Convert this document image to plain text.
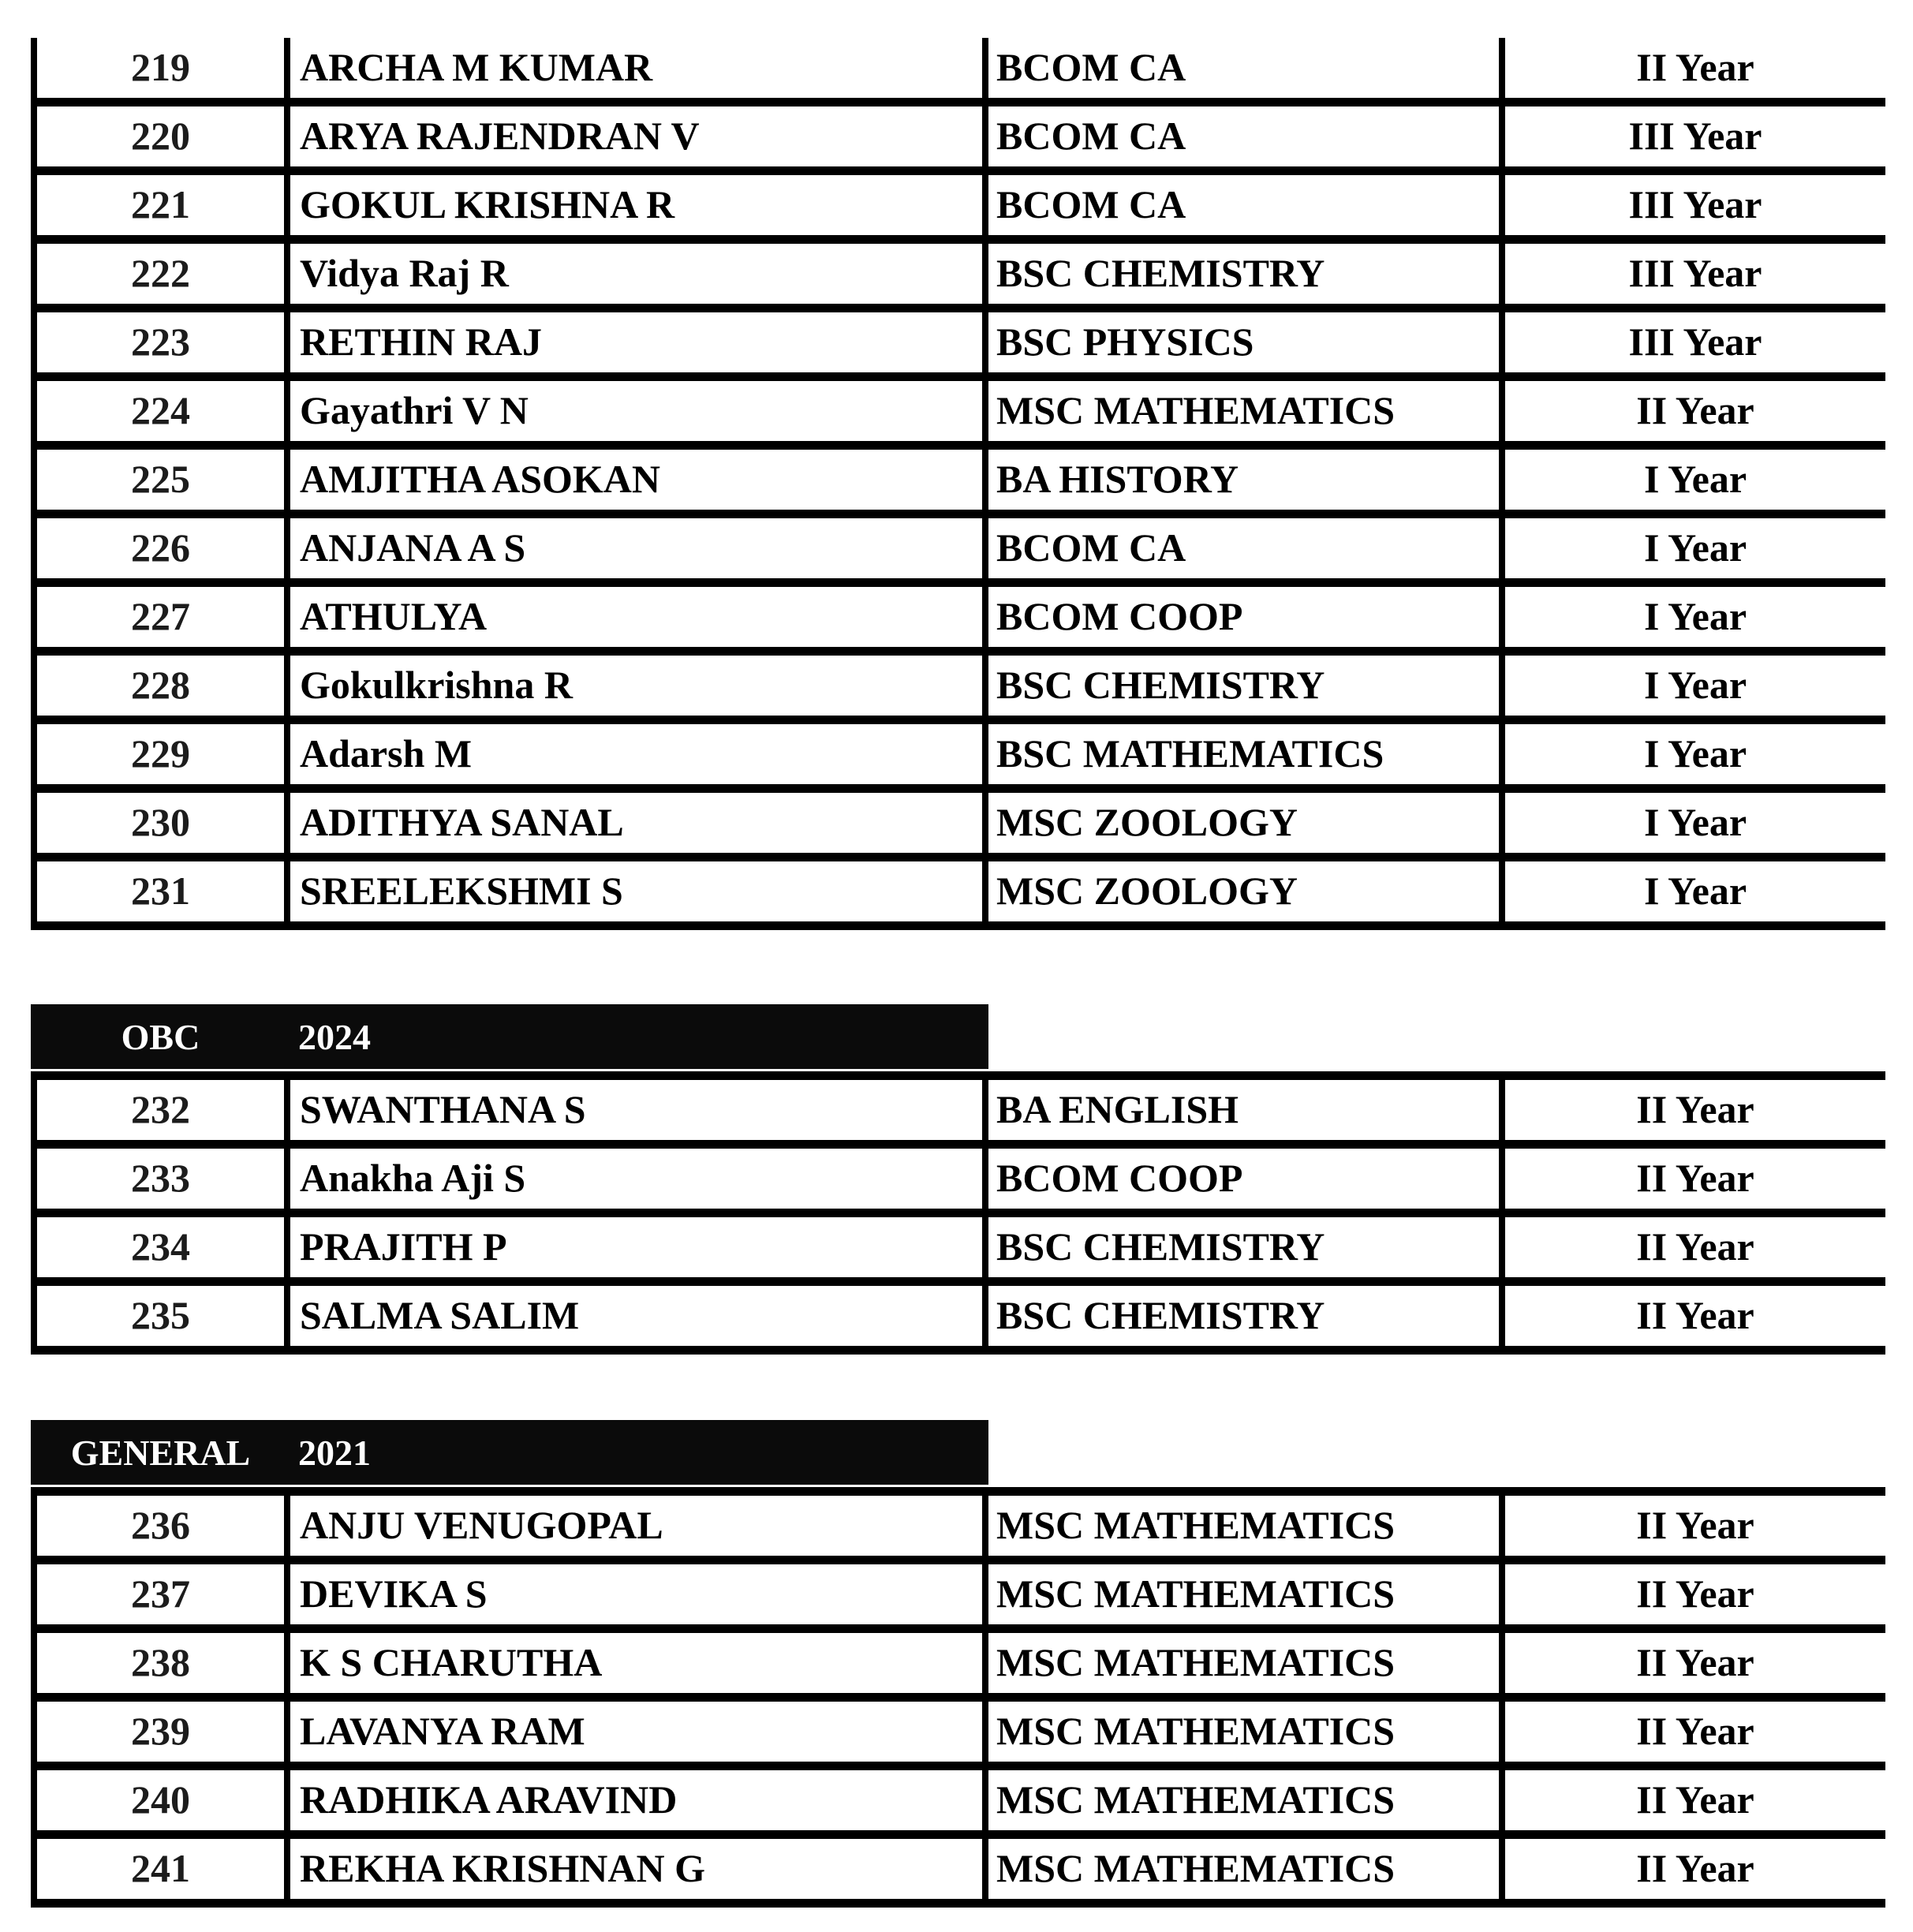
219	ARCHA M KUMAR	BCOM CA	II Year
220	ARYA RAJENDRAN V	BCOM CA	III Year
221	GOKUL KRISHNA R	BCOM CA	III Year
222	Vidya Raj R	BSC CHEMISTRY	III Year
223	RETHIN RAJ	BSC PHYSICS	III Year
224	Gayathri V N	MSC MATHEMATICS	II Year
225	AMJITHA ASOKAN	BA HISTORY	I Year
226	ANJANA A S	BCOM CA	I Year
227	ATHULYA	BCOM COOP	I Year
228	Gokulkrishna R	BSC CHEMISTRY	I Year
229	Adarsh M	BSC MATHEMATICS	I Year
230	ADITHYA SANAL	MSC ZOOLOGY	I Year
231	SREELEKSHMI S	MSC ZOOLOGY	I Year
OBC	2024
232	SWANTHANA S	BA ENGLISH	II Year
233	Anakha Aji S	BCOM COOP	II Year
234	PRAJITH P	BSC CHEMISTRY	II Year
235	SALMA SALIM	BSC CHEMISTRY	II Year
GENERAL	2021
236	ANJU VENUGOPAL	MSC MATHEMATICS	II Year
237	DEVIKA S	MSC MATHEMATICS	II Year
238	K S CHARUTHA	MSC MATHEMATICS	II Year
239	LAVANYA RAM	MSC MATHEMATICS	II Year
240	RADHIKA ARAVIND	MSC MATHEMATICS	II Year
241	REKHA KRISHNAN G	MSC MATHEMATICS	II Year
